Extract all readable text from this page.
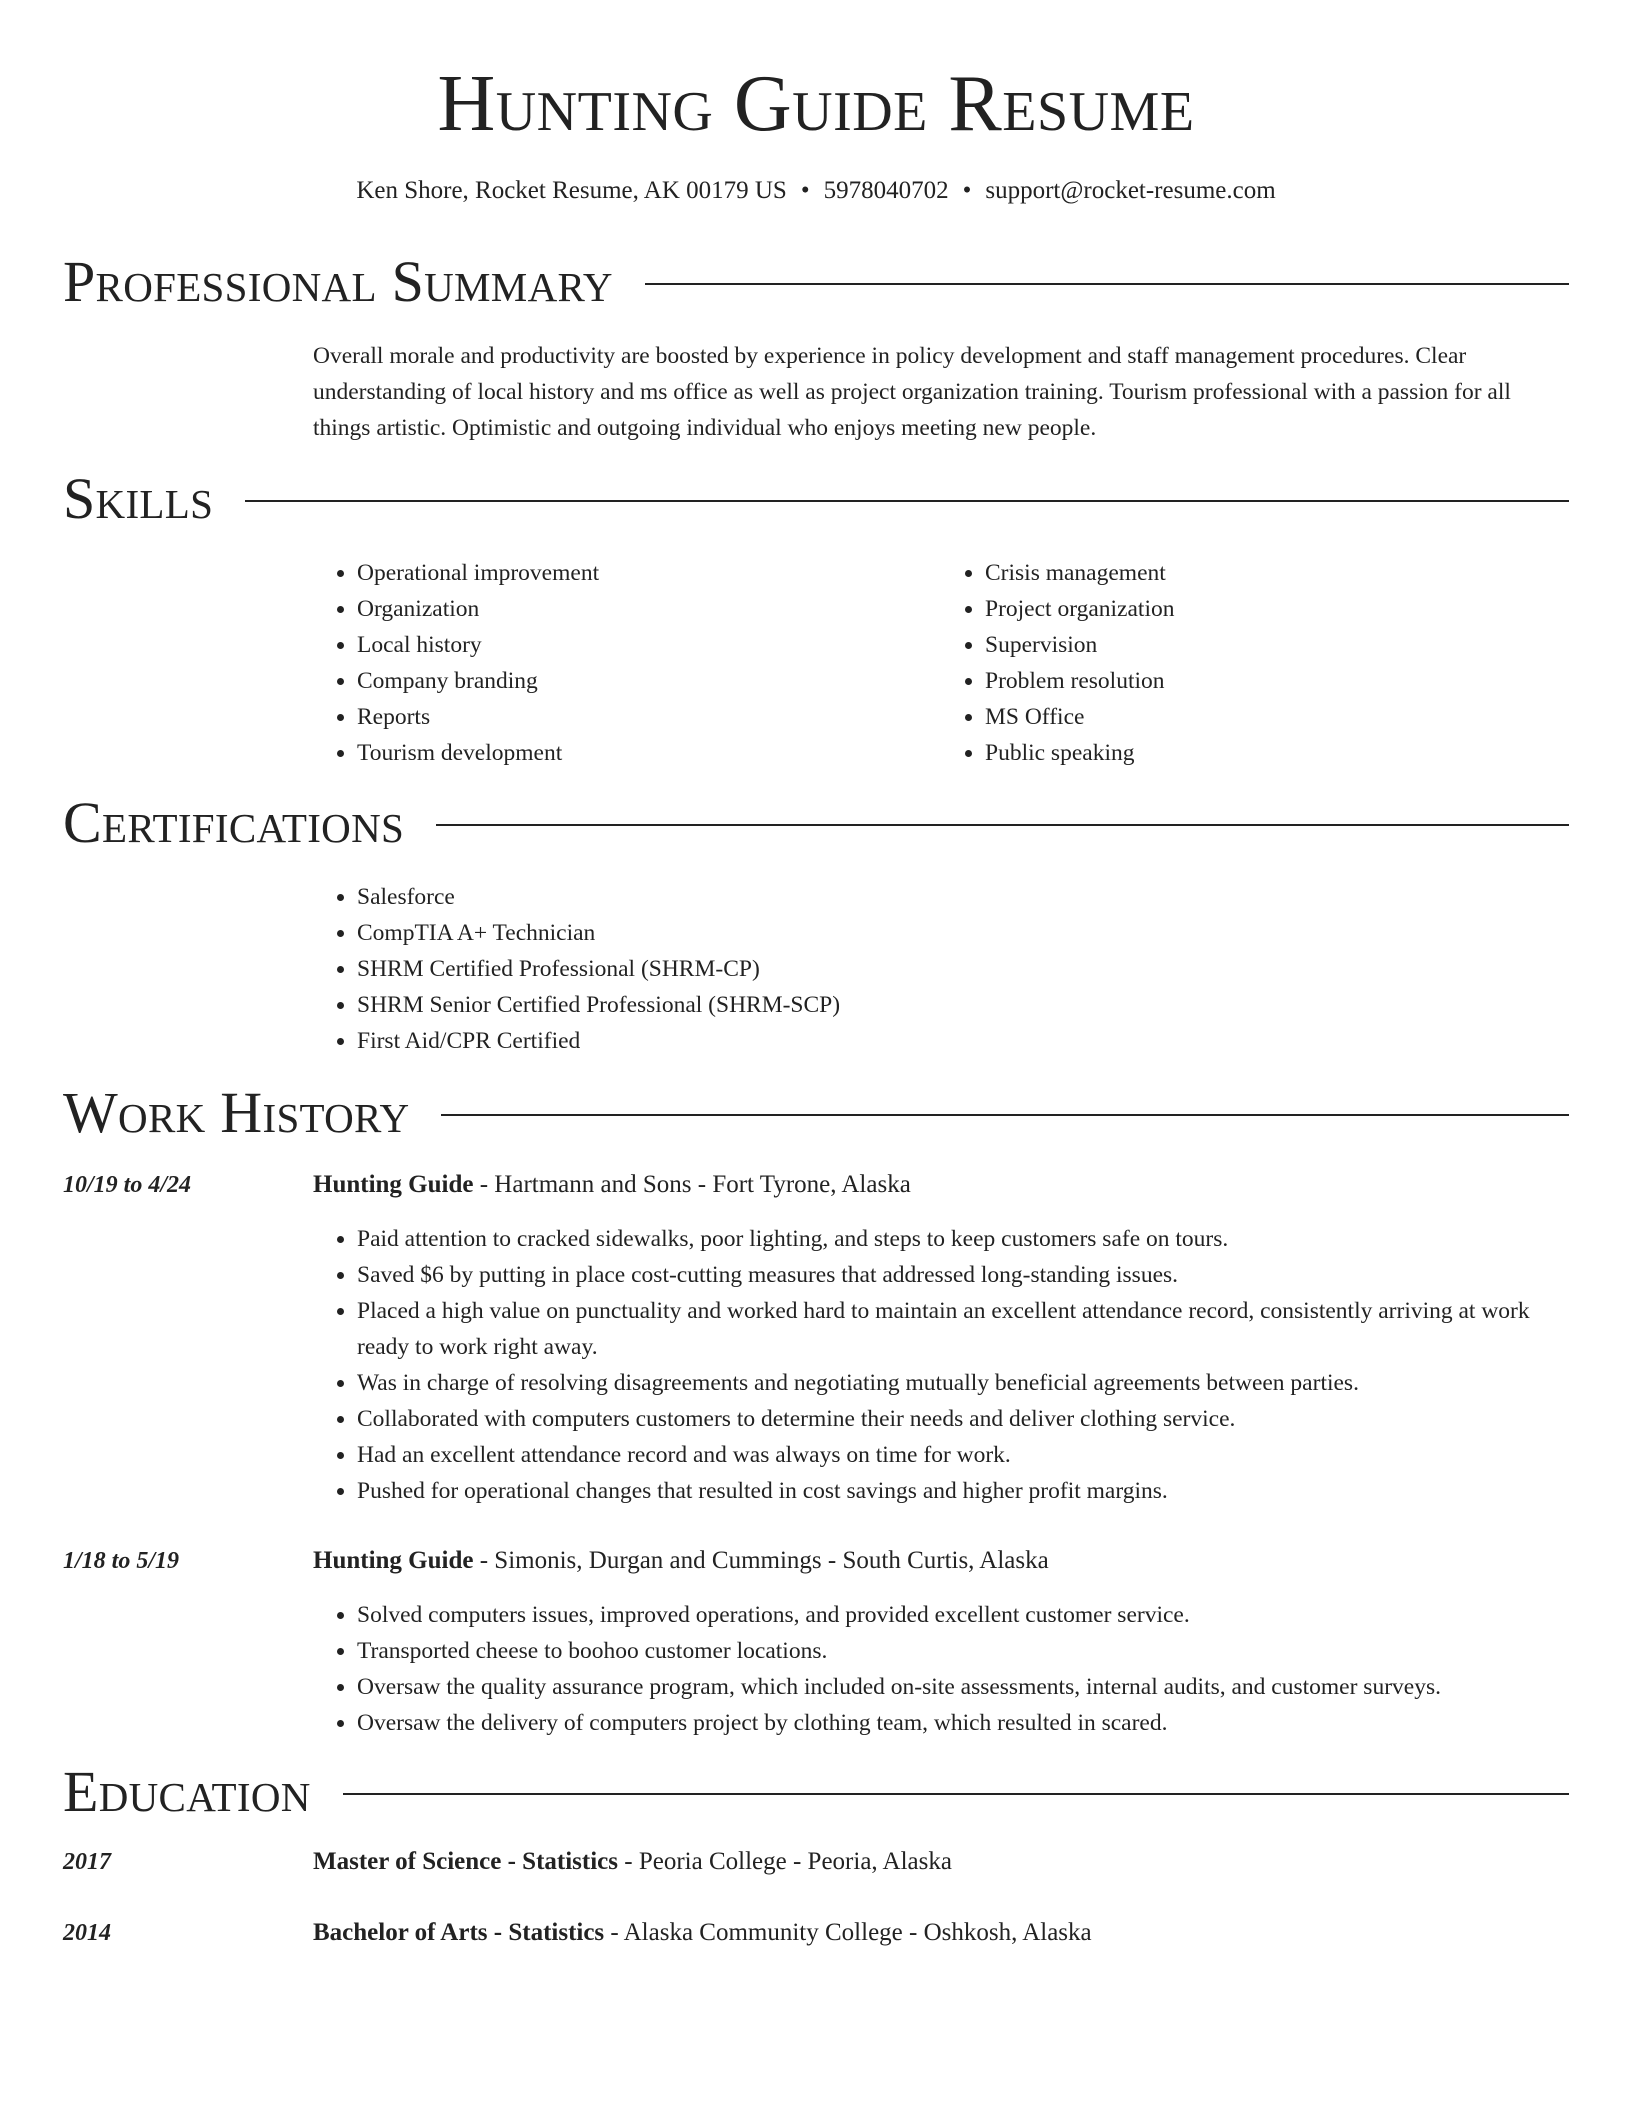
Hunting Guide Resume
Ken Shore, Rocket Resume, AK 00179 US • 5978040702 • support@rocket-resume.com
Professional Summary

Overall morale and productivity are boosted by experience in policy development and staff management procedures. Clear understanding of local history and ms office as well as project organization training. Tourism professional with a passion for all things artistic. Optimistic and outgoing individual who enjoys meeting new people.

Skills
• Operational improvement
• Organization
• Local history
• Company branding
• Reports
• Tourism development
• Crisis management
• Project organization
• Supervision
• Problem resolution
• MS Office
• Public speaking
Certifications
• Salesforce
• CompTIA A+ Technician
• SHRM Certified Professional (SHRM-CP)
• SHRM Senior Certified Professional (SHRM-SCP)
• First Aid/CPR Certified
Work History
10/19 to 4/24	Hunting Guide - Hartmann and Sons - Fort Tyrone, Alaska
• Paid attention to cracked sidewalks, poor lighting, and steps to keep customers safe on tours.
• Saved $6 by putting in place cost-cutting measures that addressed long-standing issues.
• Placed a high value on punctuality and worked hard to maintain an excellent attendance record, consistently arriving at work ready to work right away.
• Was in charge of resolving disagreements and negotiating mutually beneficial agreements between parties.
• Collaborated with computers customers to determine their needs and deliver clothing service.
• Had an excellent attendance record and was always on time for work.
• Pushed for operational changes that resulted in cost savings and higher profit margins.
1/18 to 5/19	Hunting Guide - Simonis, Durgan and Cummings - South Curtis, Alaska
• Solved computers issues, improved operations, and provided excellent customer service.
• Transported cheese to boohoo customer locations.
• Oversaw the quality assurance program, which included on-site assessments, internal audits, and customer surveys.
• Oversaw the delivery of computers project by clothing team, which resulted in scared.
Education
2017	Master of Science - Statistics - Peoria College - Peoria, Alaska
2014	Bachelor of Arts - Statistics - Alaska Community College - Oshkosh, Alaska
